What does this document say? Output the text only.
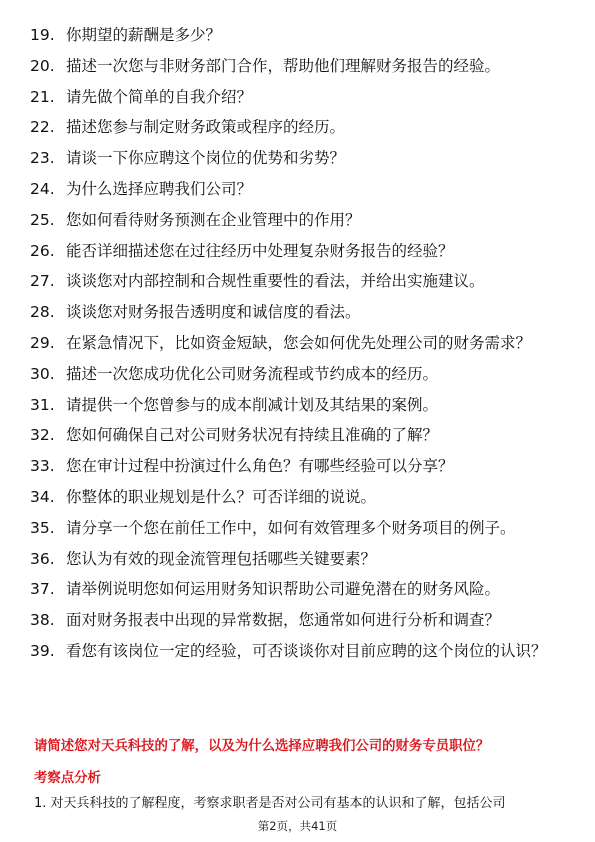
19. 你期望的薪酬是多少？
20. 描述一次您与非财务部门合作，帮助他们理解财务报告的经验。
21. 请先做个简单的自我介绍？
22. 描述您参与制定财务政策或程序的经历。
23. 请谈一下你应聘这个岗位的优势和劣势？
24. 为什么选择应聘我们公司？
25. 您如何看待财务预测在企业管理中的作用？
26. 能否详细描述您在过往经历中处理复杂财务报告的经验？
27. 谈谈您对内部控制和合规性重要性的看法，并给出实施建议。
28. 谈谈您对财务报告透明度和诚信度的看法。
29. 在紧急情况下，比如资金短缺，您会如何优先处理公司的财务需求？
30. 描述一次您成功优化公司财务流程或节约成本的经历。
31. 请提供一个您曾参与的成本削减计划及其结果的案例。
32. 您如何确保自己对公司财务状况有持续且准确的了解？
33. 您在审计过程中扮演过什么角色？有哪些经验可以分享？
34. 你整体的职业规划是什么？可否详细的说说。
35. 请分享一个您在前任工作中，如何有效管理多个财务项目的例子。
36. 您认为有效的现金流管理包括哪些关键要素？
37. 请举例说明您如何运用财务知识帮助公司避免潜在的财务风险。
38. 面对财务报表中出现的异常数据，您通常如何进行分析和调查？
39. 看您有该岗位一定的经验，可否谈谈你对目前应聘的这个岗位的认识？
请简述您对天兵科技的了解，以及为什么选择应聘我们公司的财务专员职位？
考察点分析
1. 对天兵科技的了解程度，考察求职者是否对公司有基本的认识和了解，包括公司
第2页，共41页
